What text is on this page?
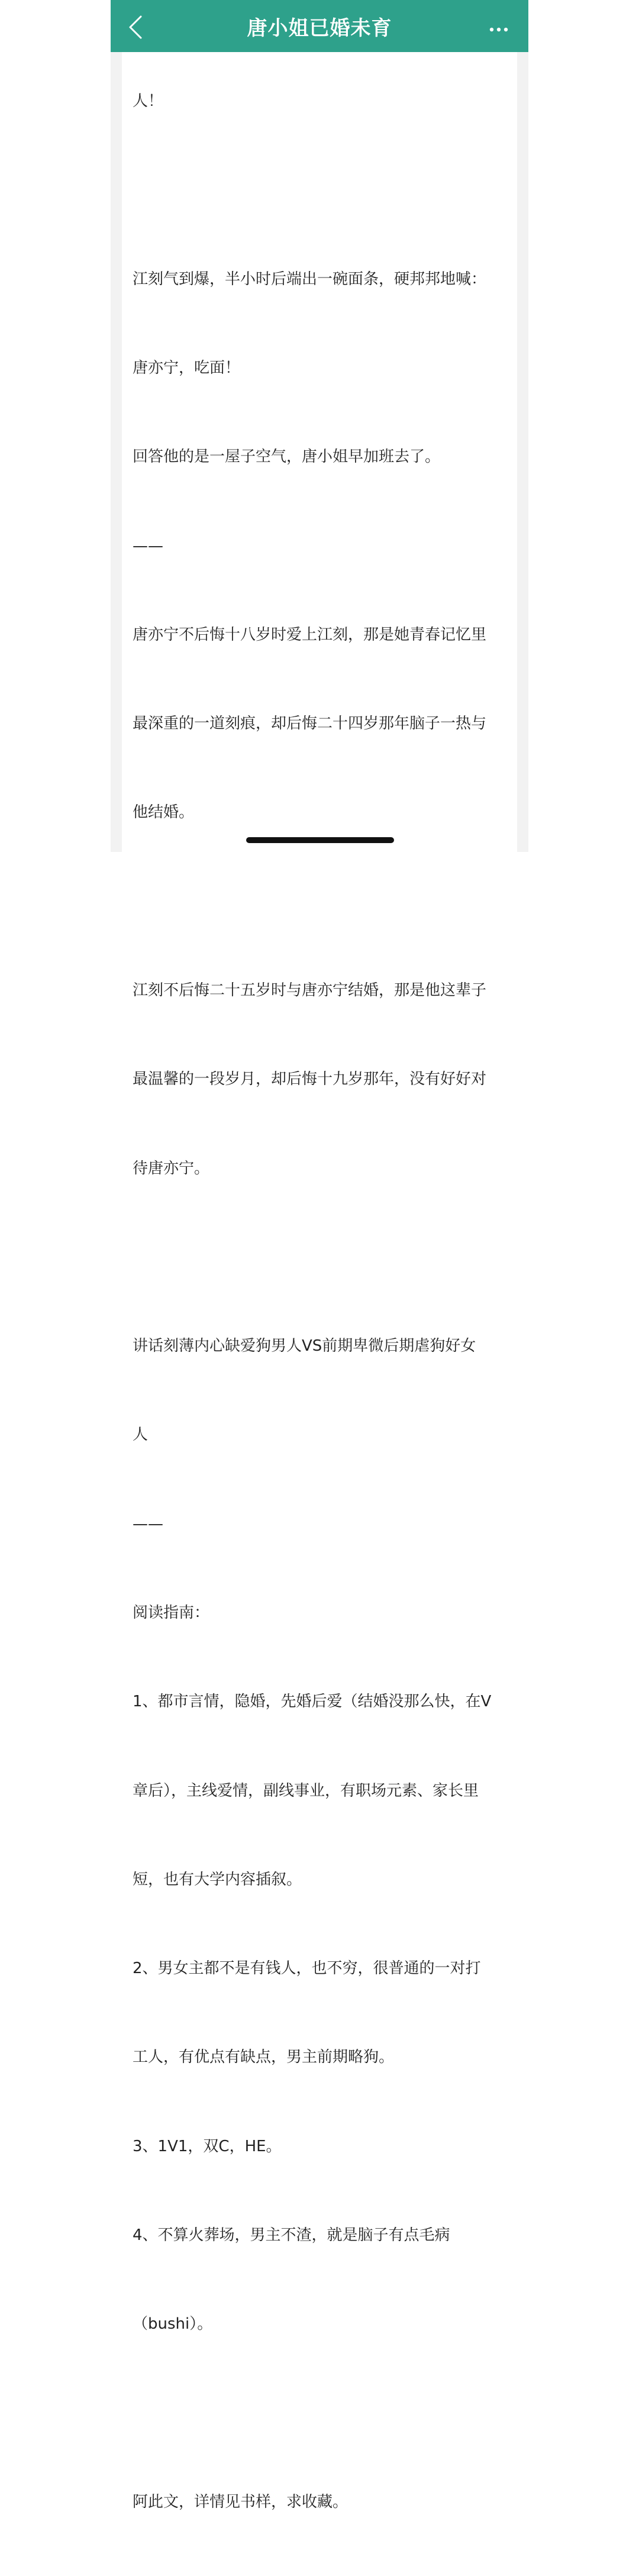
唐小姐已婚未育

人！

江刻气到爆，半小时后端出一碗面条，硬邦邦地喊：

唐亦宁，吃面！

回答他的是一屋子空气，唐小姐早加班去了。

——

唐亦宁不后悔十八岁时爱上江刻，那是她青春记忆里

最深重的一道刻痕，却后悔二十四岁那年脑子一热与

他结婚。

江刻不后悔二十五岁时与唐亦宁结婚，那是他这辈子

最温馨的一段岁月，却后悔十九岁那年，没有好好对

待唐亦宁。

讲话刻薄内心缺爱狗男人VS前期卑微后期虐狗好女

人

——

阅读指南：

1、都市言情，隐婚，先婚后爱（结婚没那么快，在V

章后），主线爱情，副线事业，有职场元素、家长里

短，也有大学内容插叙。

2、男女主都不是有钱人，也不穷，很普通的一对打

工人，有优点有缺点，男主前期略狗。

3、1V1，双C，HE。

4、不算火葬场，男主不渣，就是脑子有点毛病

（bushi）。

阿此文，详情见书样，求收藏。
